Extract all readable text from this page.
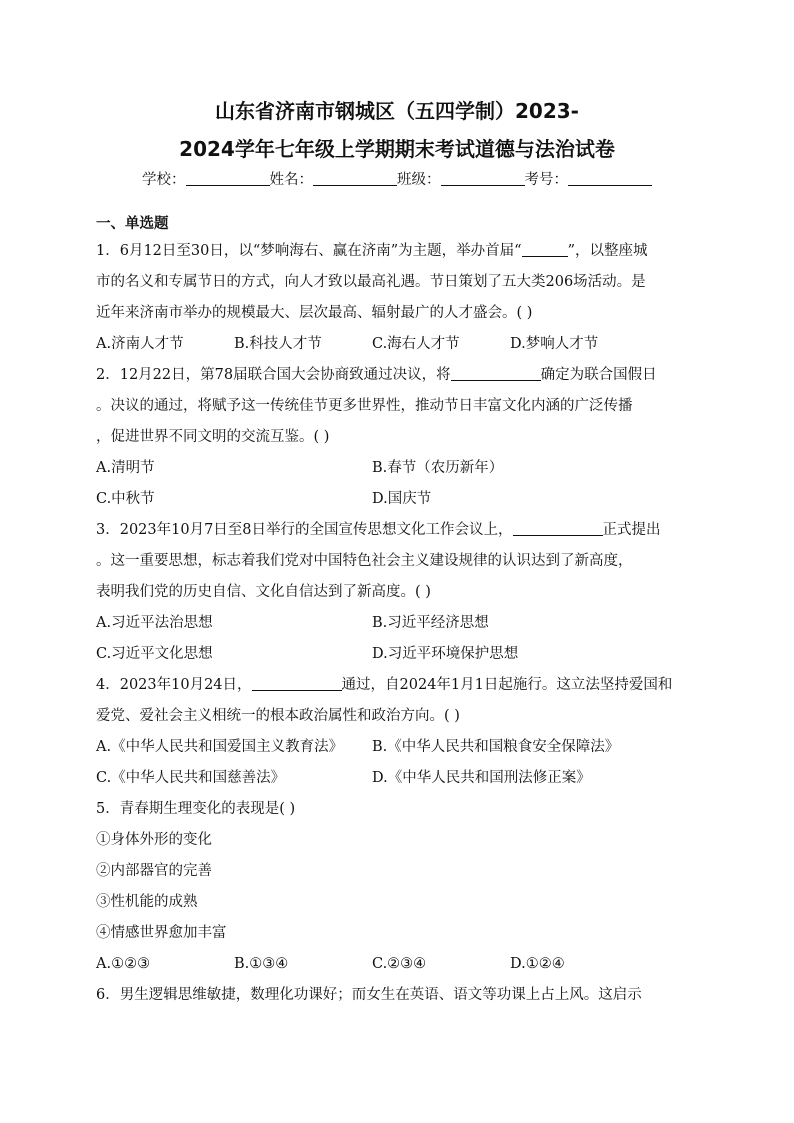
山东省济南市钢城区（五四学制）2023-
2024学年七年级上学期期末考试道德与法治试卷
学校：	姓名：	班级：	考号：
一、单选题
1．6月12日至30日，以“梦响海右、赢在济南”为主题，举办首届“	”，以整座城
市的名义和专属节日的方式，向人才致以最高礼遇。节日策划了五大类206场活动。是
近年来济南市举办的规模最大、层次最高、辐射最广的人才盛会。( )
A.济南人才节	B.科技人才节	C.海右人才节	D.梦响人才节
2．12月22日，第78届联合国大会协商致通过决议，将	确定为联合国假日
。决议的通过，将赋予这一传统佳节更多世界性，推动节日丰富文化内涵的广泛传播
，促进世界不同文明的交流互鉴。( )
A.清明节	B.春节（农历新年）
C.中秋节	D.国庆节
3．2023年10月7日至8日举行的全国宣传思想文化工作会议上，	正式提出
。这一重要思想，标志着我们党对中国特色社会主义建设规律的认识达到了新高度，
表明我们党的历史自信、文化自信达到了新高度。( )
A.习近平法治思想	B.习近平经济思想
C.习近平文化思想	D.习近平环境保护思想
4．2023年10月24日，	通过，自2024年1月1日起施行。这立法坚持爱国和
爱党、爱社会主义相统一的根本政治属性和政治方向。( )
A.《中华人民共和国爱国主义教育法》	B.《中华人民共和国粮食安全保障法》
C.《中华人民共和国慈善法》	D.《中华人民共和国刑法修正案》
5．青春期生理变化的表现是( )
①身体外形的变化
②内部器官的完善
③性机能的成熟
④情感世界愈加丰富
A.①②③	B.①③④	C.②③④	D.①②④
6．男生逻辑思维敏捷，数理化功课好；而女生在英语、语文等功课上占上风。这启示
